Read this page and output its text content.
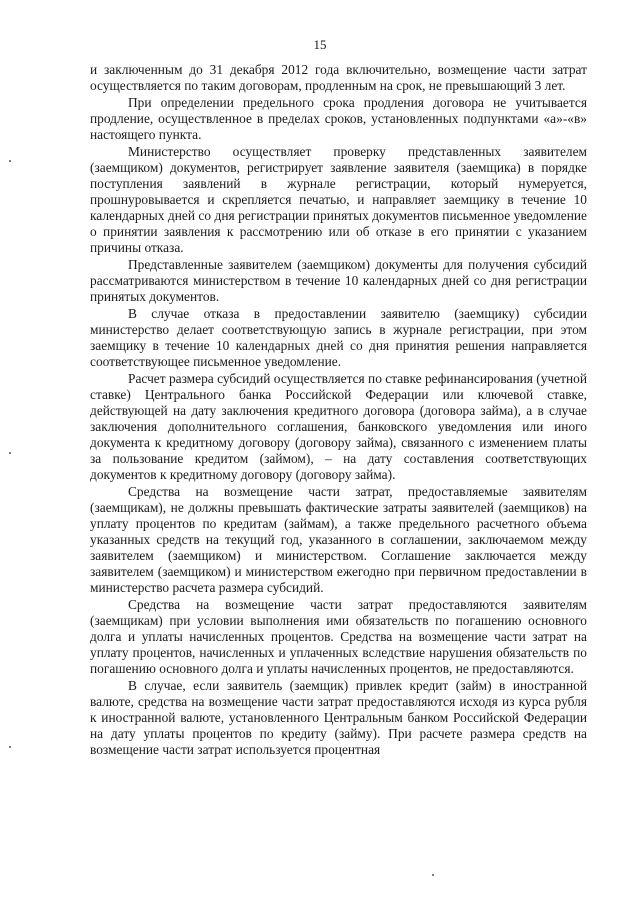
15

и заключенным до 31 декабря 2012 года включительно, возмещение части затрат осуществляется по таким договорам, продленным на срок, не превышающий 3 лет.

При определении предельного срока продления договора не учитывается продление, осуществленное в пределах сроков, установленных подпунктами «а»-«в» настоящего пункта.

Министерство осуществляет проверку представленных заявителем (заемщиком) документов, регистрирует заявление заявителя (заемщика) в порядке поступления заявлений в журнале регистрации, который нумеруется, прошнуровывается и скрепляется печатью, и направляет заемщику в течение 10 календарных дней со дня регистрации принятых документов письменное уведомление о принятии заявления к рассмотрению или об отказе в его принятии с указанием причины отказа.

Представленные заявителем (заемщиком) документы для получения субсидий рассматриваются министерством в течение 10 календарных дней со дня регистрации принятых документов.

В случае отказа в предоставлении заявителю (заемщику) субсидии министерство делает соответствующую запись в журнале регистрации, при этом заемщику в течение 10 календарных дней со дня принятия решения направляется соответствующее письменное уведомление.

Расчет размера субсидий осуществляется по ставке рефинансирования (учетной ставке) Центрального банка Российской Федерации или ключевой ставке, действующей на дату заключения кредитного договора (договора займа), а в случае заключения дополнительного соглашения, банковского уведомления или иного документа к кредитному договору (договору займа), связанного с изменением платы за пользование кредитом (займом), – на дату составления соответствующих документов к кредитному договору (договору займа).

Средства на возмещение части затрат, предоставляемые заявителям (заемщикам), не должны превышать фактические затраты заявителей (заемщиков) на уплату процентов по кредитам (займам), а также предельного расчетного объема указанных средств на текущий год, указанного в соглашении, заключаемом между заявителем (заемщиком) и министерством. Соглашение заключается между заявителем (заемщиком) и министерством ежегодно при первичном предоставлении в министерство расчета размера субсидий.

Средства на возмещение части затрат предоставляются заявителям (заемщикам) при условии выполнения ими обязательств по погашению основного долга и уплаты начисленных процентов. Средства на возмещение части затрат на уплату процентов, начисленных и уплаченных вследствие нарушения обязательств по погашению основного долга и уплаты начисленных процентов, не предоставляются.

В случае, если заявитель (заемщик) привлек кредит (займ) в иностранной валюте, средства на возмещение части затрат предоставляются исходя из курса рубля к иностранной валюте, установленного Центральным банком Российской Федерации на дату уплаты процентов по кредиту (займу). При расчете размера средств на возмещение части затрат используется процентная
